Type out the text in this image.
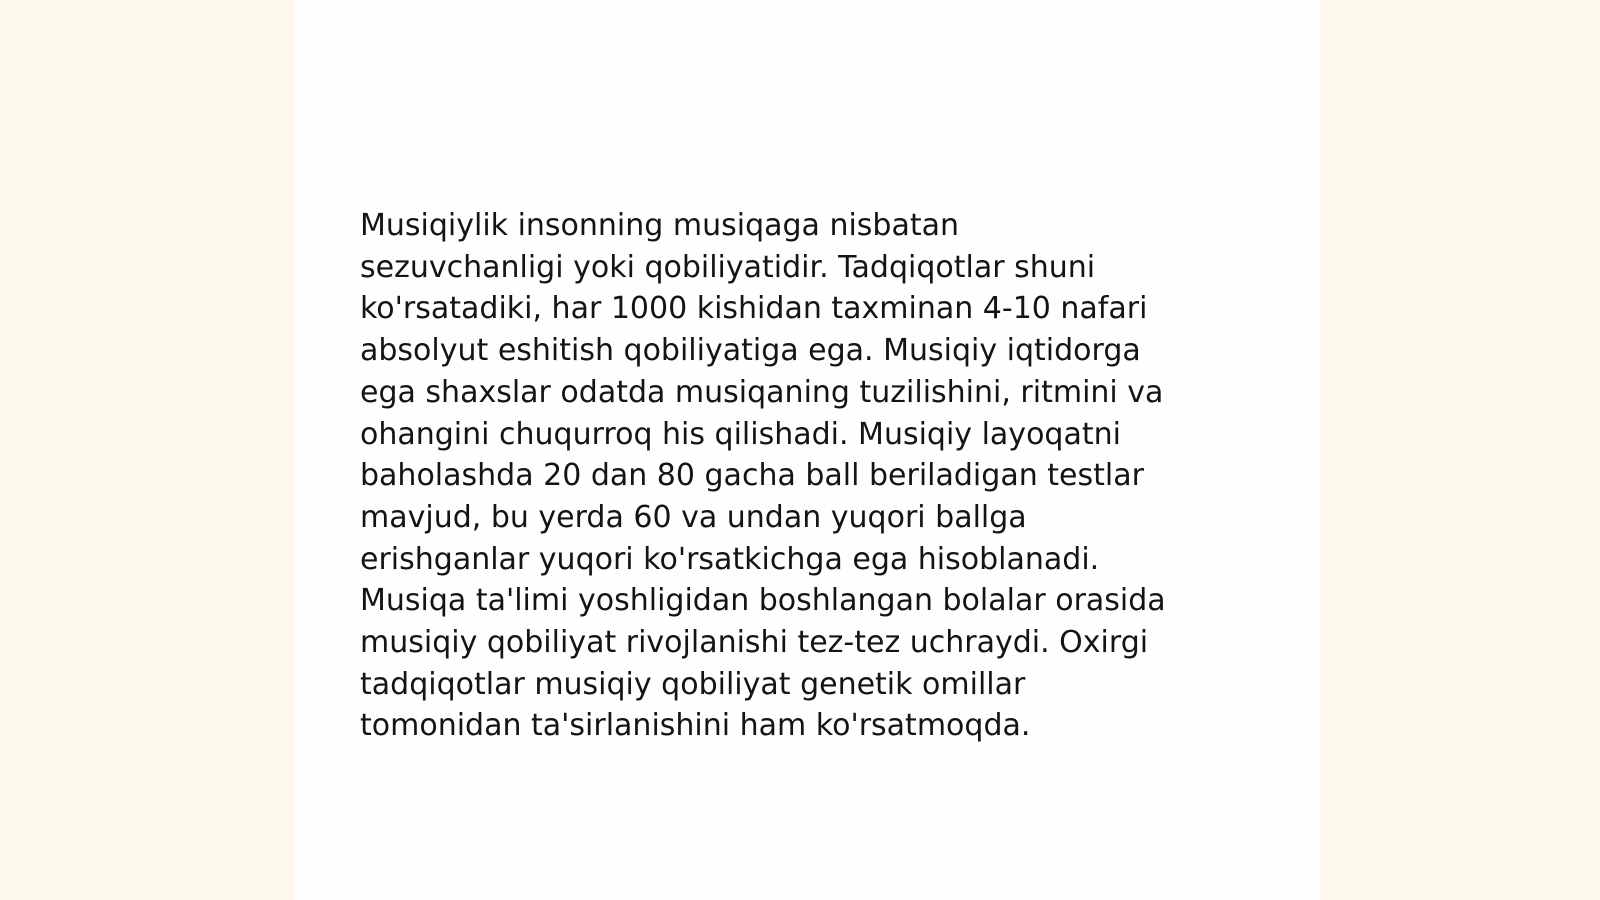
Musiqiylik insonning musiqaga nisbatan
sezuvchanligi yoki qobiliyatidir. Tadqiqotlar shuni
ko'rsatadiki, har 1000 kishidan taxminan 4-10 nafari
absolyut eshitish qobiliyatiga ega. Musiqiy iqtidorga
ega shaxslar odatda musiqaning tuzilishini, ritmini va
ohangini chuqurroq his qilishadi. Musiqiy layoqatni
baholashda 20 dan 80 gacha ball beriladigan testlar
mavjud, bu yerda 60 va undan yuqori ballga
erishganlar yuqori ko'rsatkichga ega hisoblanadi.
Musiqa ta'limi yoshligidan boshlangan bolalar orasida
musiqiy qobiliyat rivojlanishi tez-tez uchraydi. Oxirgi
tadqiqotlar musiqiy qobiliyat genetik omillar
tomonidan ta'sirlanishini ham ko'rsatmoqda.
